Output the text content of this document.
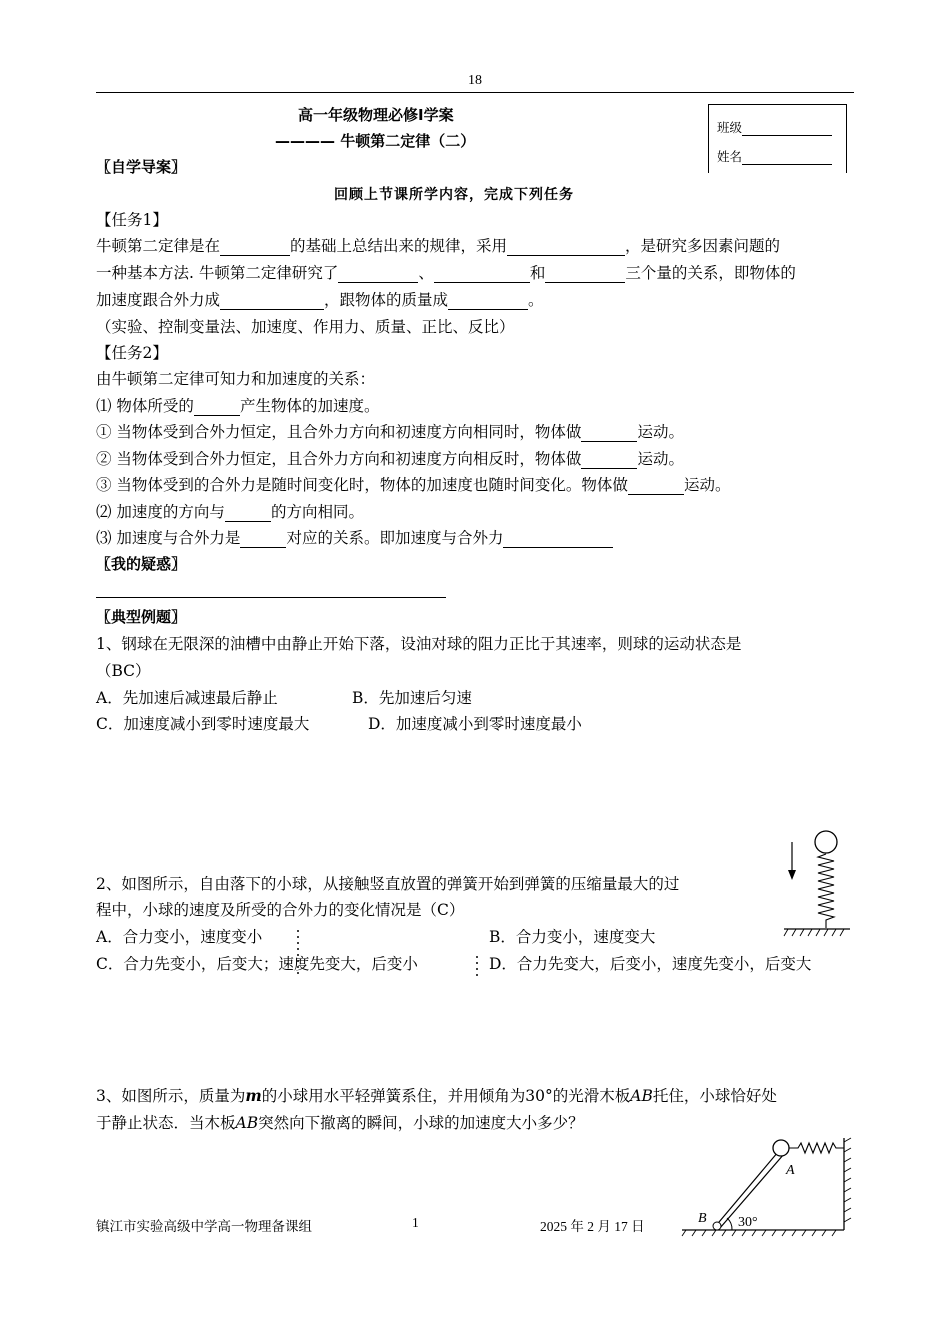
18
高一年级物理必修Ⅰ学案
———— 牛顿第二定律（二）
班级
姓名
〖自学导案〗
回顾上节课所学内容，完成下列任务
【任务1】
牛顿第二定律是在	的基础上总结出来的规律，采用	，是研究多因素问题的
一种基本方法. 牛顿第二定律研究了	、	和	三个量的关系，即物体的
加速度跟合外力成	，跟物体的质量成	。
（实验、控制变量法、加速度、作用力、质量、正比、反比）
【任务2】
由牛顿第二定律可知力和加速度的关系：
⑴ 物体所受的	产生物体的加速度。
① 当物体受到合外力恒定，且合外力方向和初速度方向相同时，物体做	运动。
② 当物体受到合外力恒定，且合外力方向和初速度方向相反时，物体做	运动。
③ 当物体受到的合外力是随时间变化时，物体的加速度也随时间变化。物体做	运动。
⑵ 加速度的方向与	的方向相同。
⑶ 加速度与合外力是	对应的关系。即加速度与合外力
〖我的疑惑〗
〖典型例题〗
1、钢球在无限深的油槽中由静止开始下落，设油对球的阻力正比于其速率，则球的运动状态是
（BC）
A．先加速后减速最后静止	B．先加速后匀速
C．加速度减小到零时速度最大	D．加速度减小到零时速度最小
2、如图所示，自由落下的小球，从接触竖直放置的弹簧开始到弹簧的压缩量最大的过
程中，小球的速度及所受的合外力的变化情况是（C）
A．合力变小，速度变小	B．合力变小，速度变大
C．合力先变小，后变大；速度先变大，后变小	D．合力先变大，后变小，速度先变小，后变大
3、如图所示，质量为m的小球用水平轻弹簧系住，并用倾角为30°的光滑木板AB托住，小球恰好处
于静止状态．当木板AB突然向下撤离的瞬间，小球的加速度大小多少？
A
B 30°
镇江市实验高级中学高一物理备课组	1	2025 年 2 月 17 日
